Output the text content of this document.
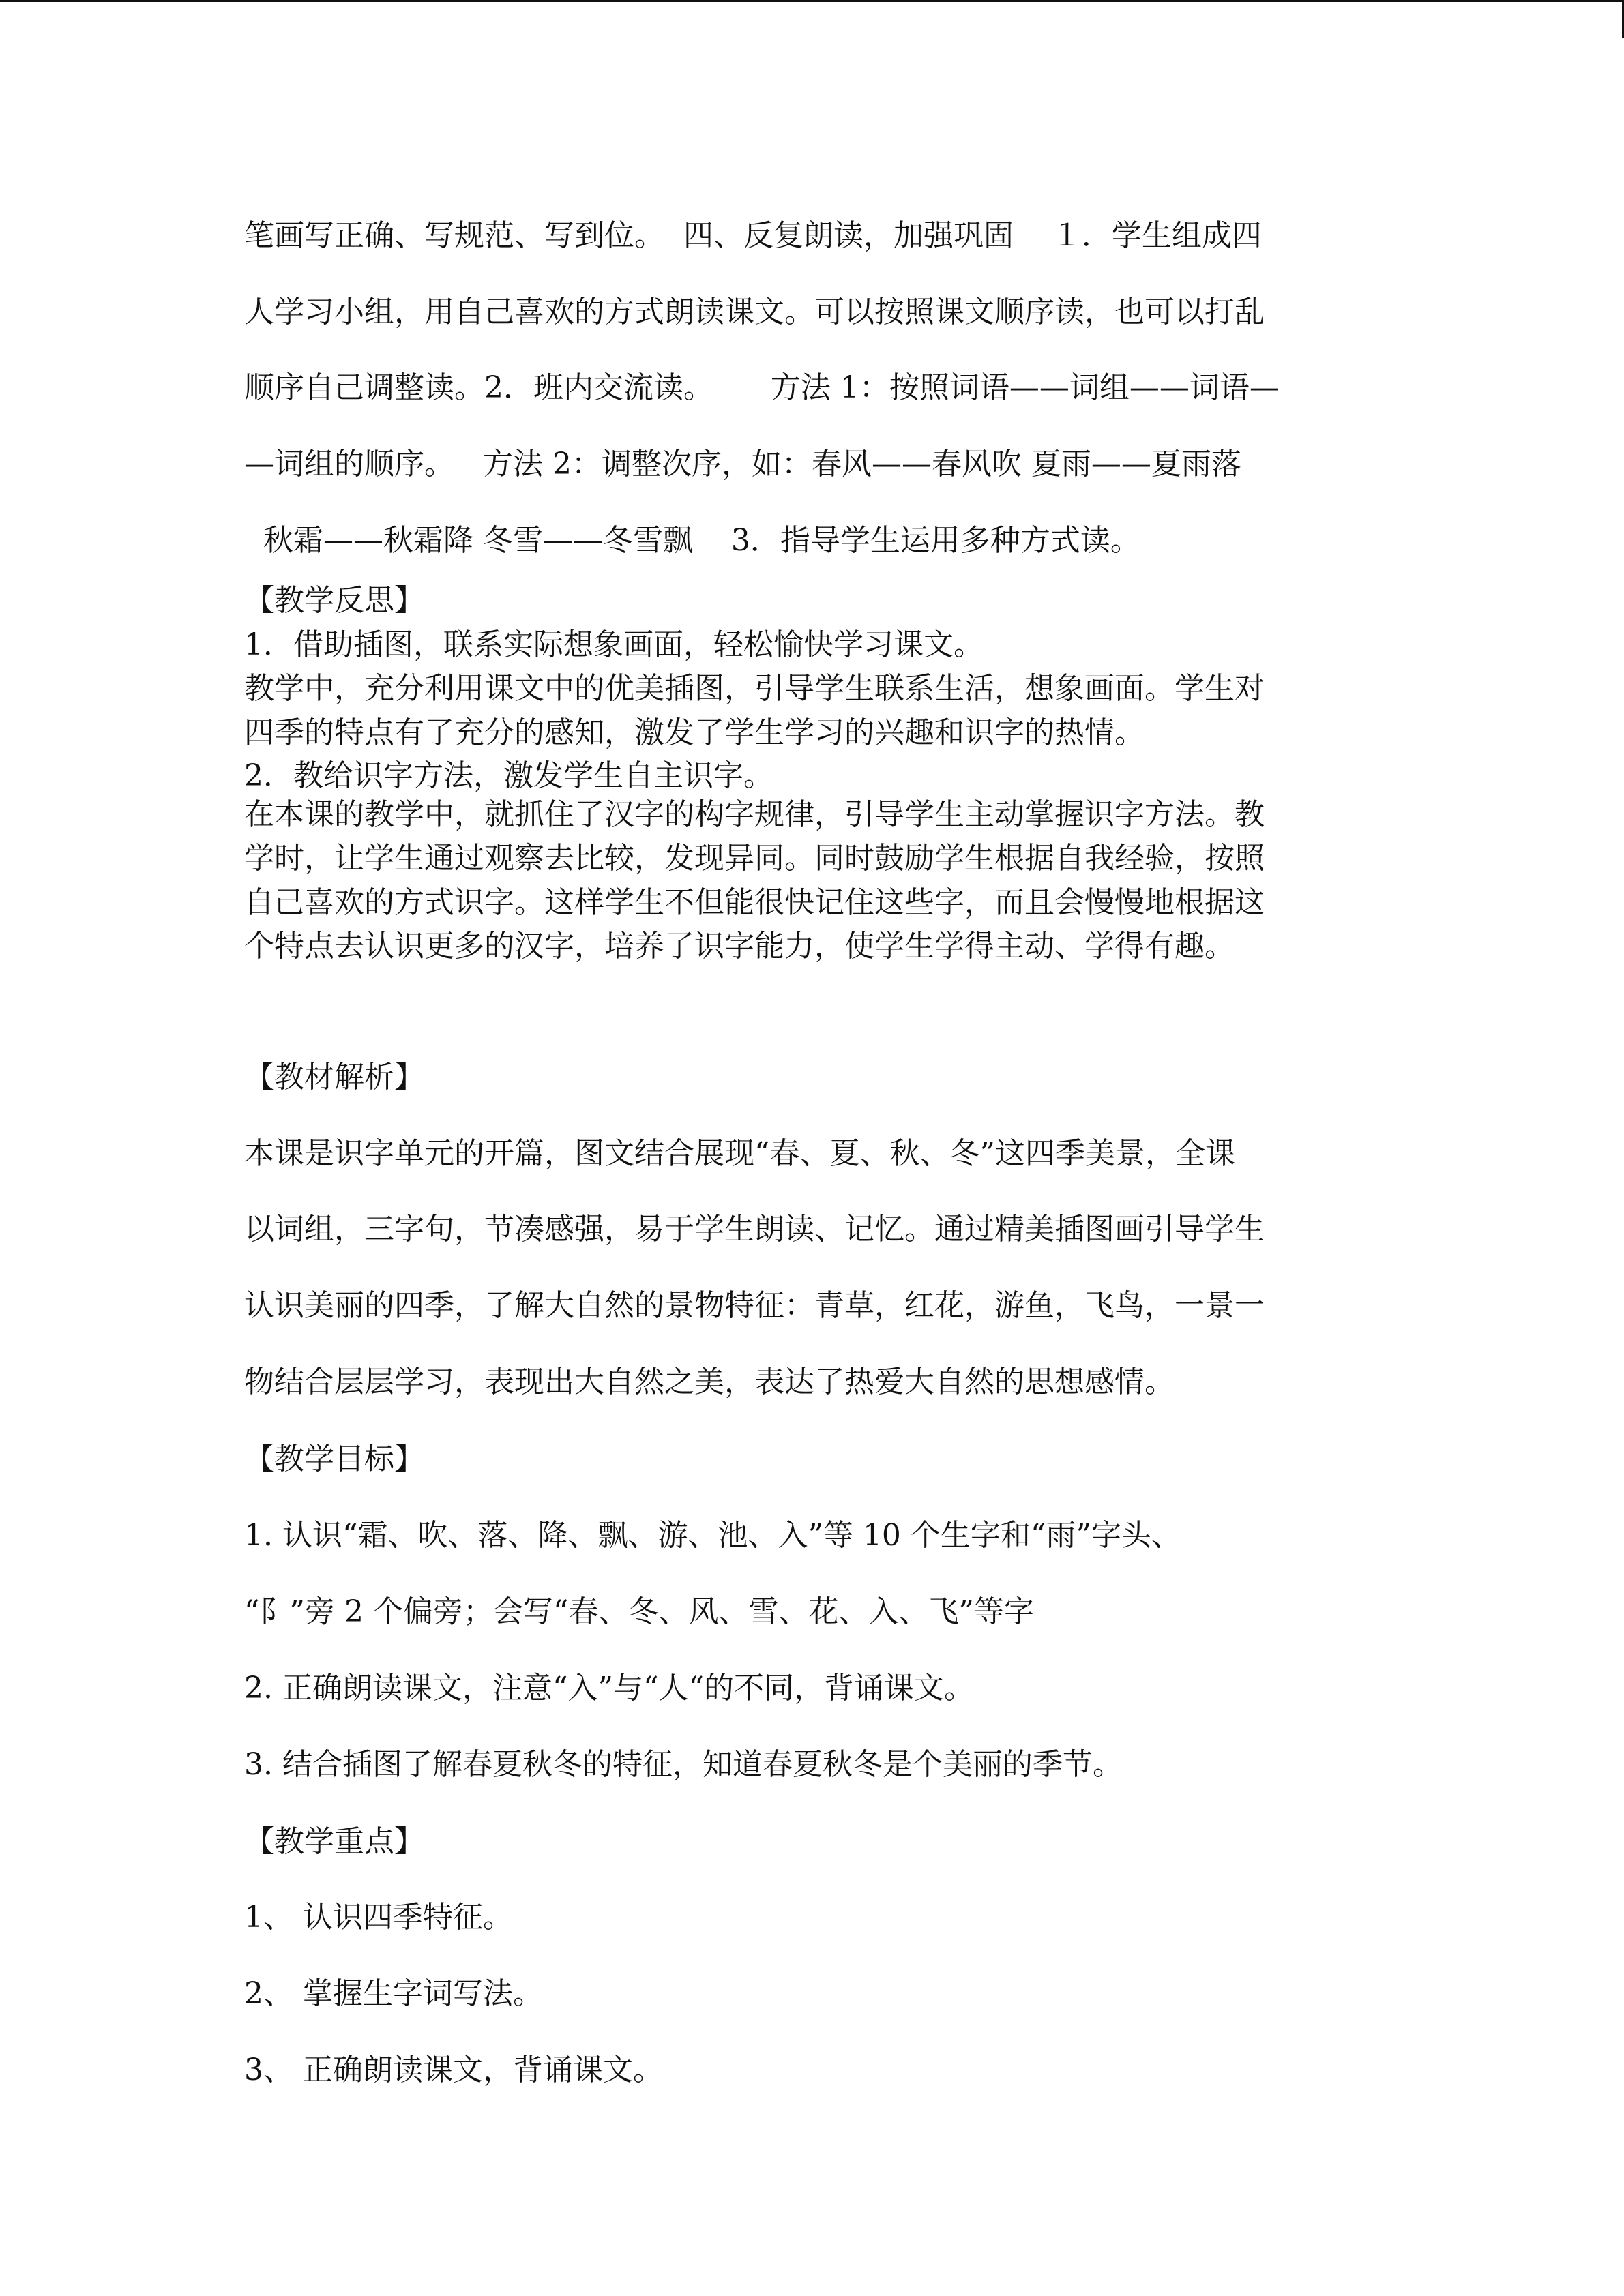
笔画写正确、写规范、写到位。  四、反复朗读，加强巩固    １．学生组成四

人学习小组，用自己喜欢的方式朗读课文。可以按照课文顺序读，也可以打乱

顺序自己调整读。2．班内交流读。      方法 1：按照词语——词组——词语—

—词组的顺序。   方法 2：调整次序，如：春风——春风吹 夏雨——夏雨落

秋霜——秋霜降 冬雪——冬雪飘    3．指导学生运用多种方式读。

【教学反思】

1．借助插图，联系实际想象画面，轻松愉快学习课文。

教学中，充分利用课文中的优美插图，引导学生联系生活，想象画面。学生对

四季的特点有了充分的感知，激发了学生学习的兴趣和识字的热情。

2．教给识字方法，激发学生自主识字。

在本课的教学中，就抓住了汉字的构字规律，引导学生主动掌握识字方法。教

学时，让学生通过观察去比较，发现异同。同时鼓励学生根据自我经验，按照

自己喜欢的方式识字。这样学生不但能很快记住这些字，而且会慢慢地根据这

个特点去认识更多的汉字，培养了识字能力，使学生学得主动、学得有趣。

【教材解析】

本课是识字单元的开篇，图文结合展现“春、夏、秋、冬”这四季美景，全课

以词组，三字句，节凑感强，易于学生朗读、记忆。通过精美插图画引导学生

认识美丽的四季，了解大自然的景物特征：青草，红花，游鱼，飞鸟，一景一

物结合层层学习，表现出大自然之美，表达了热爱大自然的思想感情。

【教学目标】

1. 认识“霜、吹、落、降、飘、游、池、入”等 10 个生字和“雨”字头、

“阝”旁 2 个偏旁；会写“春、冬、风、雪、花、入、飞”等字

2. 正确朗读课文，注意“入”与“人“的不同，背诵课文。

3. 结合插图了解春夏秋冬的特征，知道春夏秋冬是个美丽的季节。

【教学重点】

1、 认识四季特征。

2、 掌握生字词写法。

3、 正确朗读课文，背诵课文。
